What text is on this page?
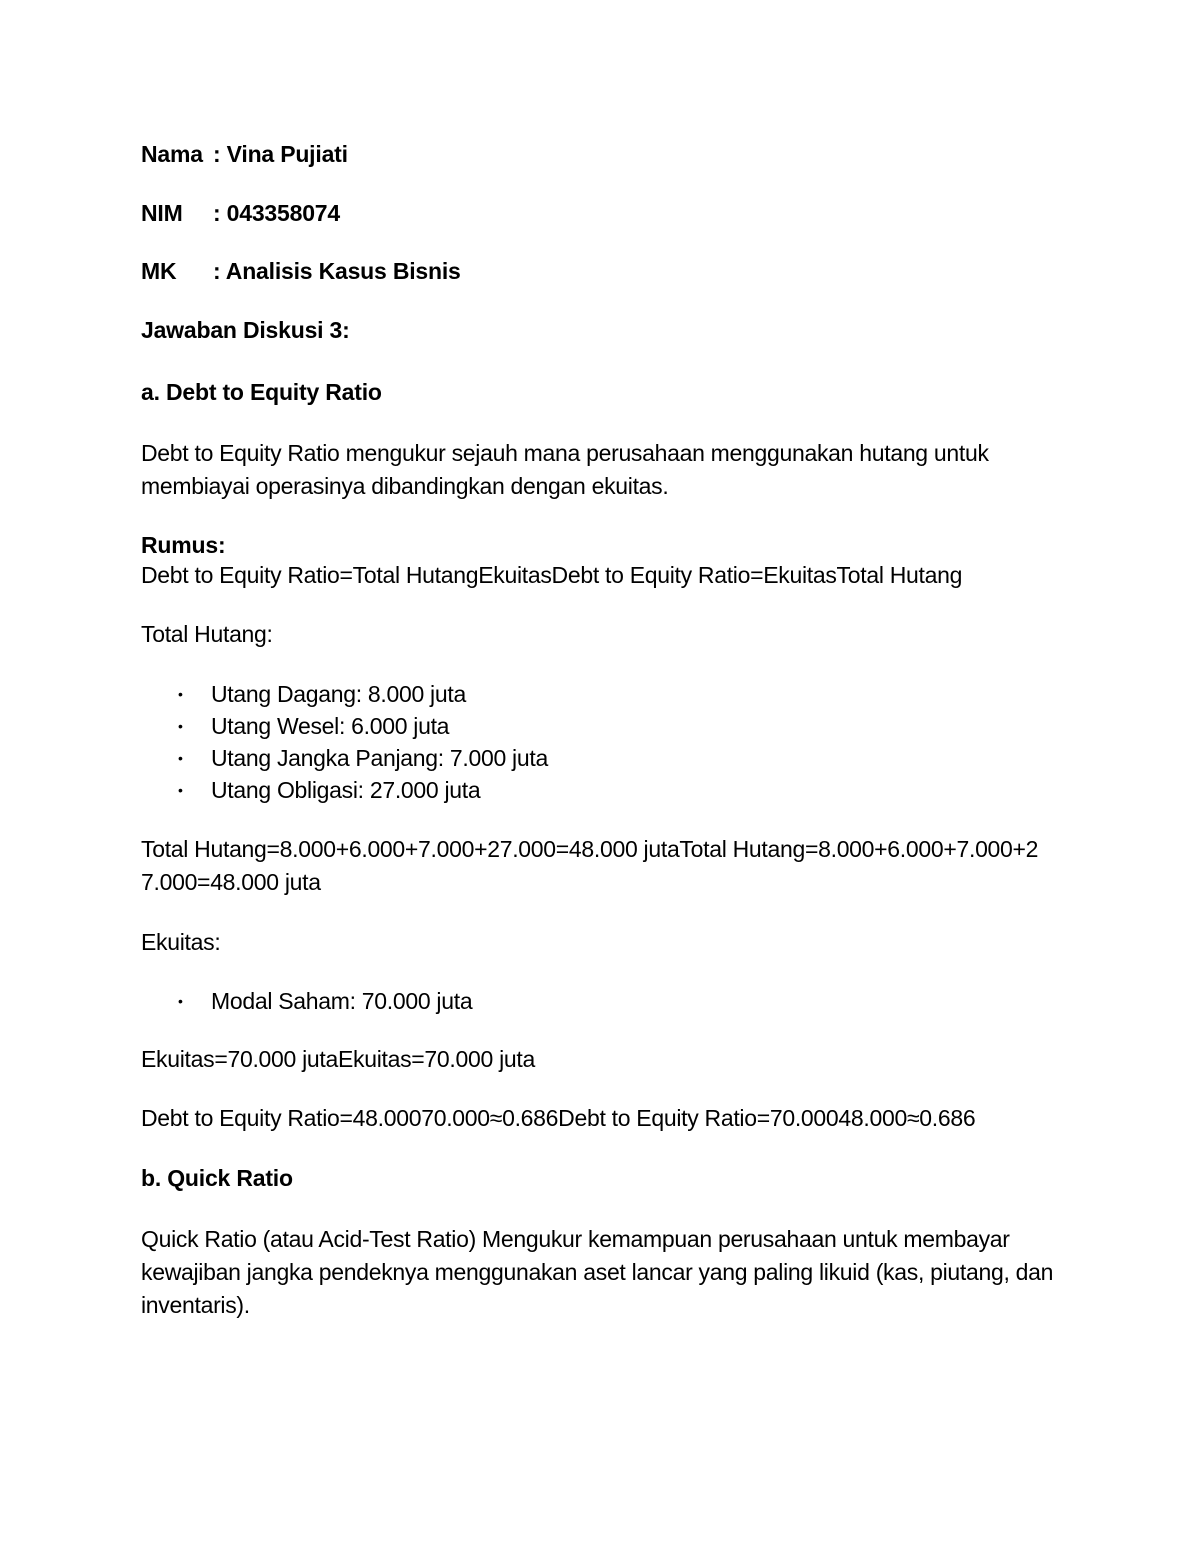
Nama : Vina Pujiati
NIM	: 043358074
MK	: Analisis Kasus Bisnis

Jawaban Diskusi 3:

a. Debt to Equity Ratio

Debt to Equity Ratio mengukur sejauh mana perusahaan menggunakan hutang untuk membiayai operasinya dibandingkan dengan ekuitas.

Rumus:

Debt to Equity Ratio=Total HutangEkuitasDebt to Equity Ratio=EkuitasTotal Hutang

Total Hutang:

• Utang Dagang: 8.000 juta
• Utang Wesel: 6.000 juta
• Utang Jangka Panjang: 7.000 juta
• Utang Obligasi: 27.000 juta

Total Hutang=8.000+6.000+7.000+27.000=48.000 jutaTotal Hutang=8.000+6.000+7.000+2 7.000=48.000 juta

Ekuitas:

• Modal Saham: 70.000 juta

Ekuitas=70.000 jutaEkuitas=70.000 juta

Debt to Equity Ratio=48.00070.000≈0.686Debt to Equity Ratio=70.00048.000≈0.686

b. Quick Ratio

Quick Ratio (atau Acid-Test Ratio) Mengukur kemampuan perusahaan untuk membayar kewajiban jangka pendeknya menggunakan aset lancar yang paling likuid (kas, piutang, dan inventaris).
